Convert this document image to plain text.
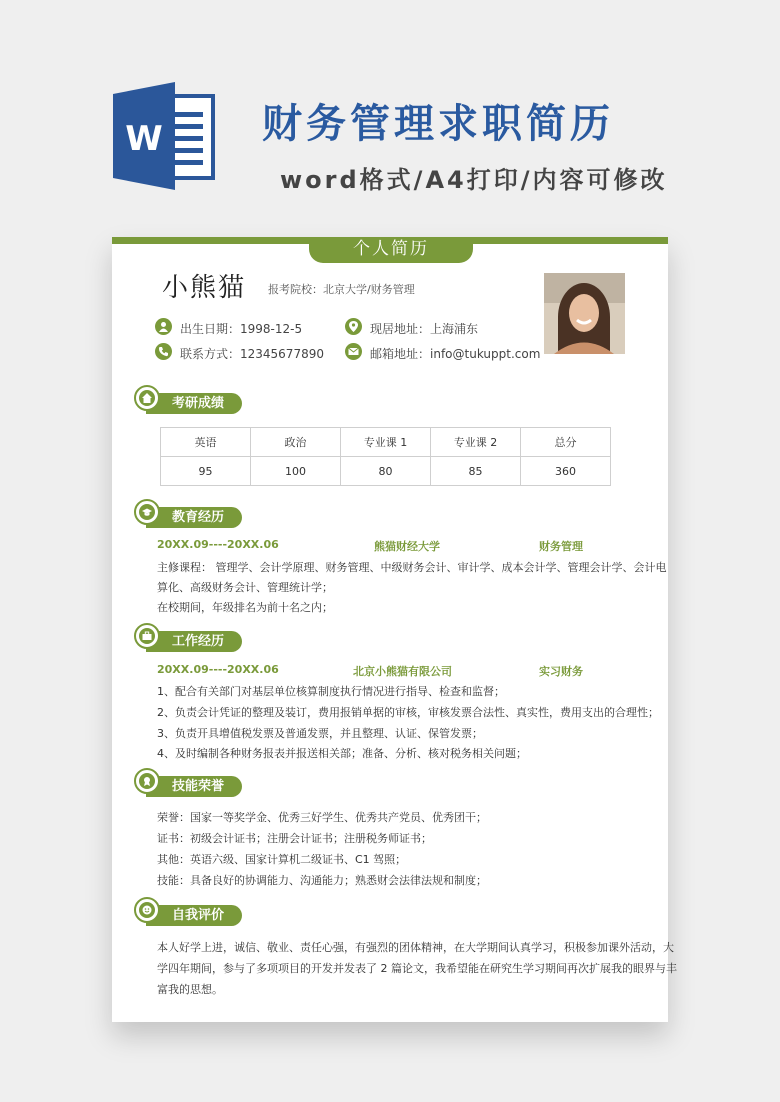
W 财务管理求职简历
word格式/A4打印/内容可修改
个人简历
小熊猫 报考院校：北京大学/财务管理
出生日期：1998-12-5	现居地址：上海浦东
联系方式：12345677890	邮箱地址：info@tukuppt.com
考研成绩
英语	政治	专业课 1	专业课 2	总分
95	100	80	85	360
教育经历
20XX.09----20XX.06	熊猫财经大学	财务管理
主修课程： 管理学、会计学原理、财务管理、中级财务会计、审计学、成本会计学、管理会计学、会计电
算化、高级财务会计、管理统计学；
在校期间，年级排名为前十名之内；
工作经历
20XX.09----20XX.06	北京小熊猫有限公司	实习财务
1、配合有关部门对基层单位核算制度执行情况进行指导、检查和监督；
2、负责会计凭证的整理及装订，费用报销单据的审核，审核发票合法性、真实性，费用支出的合理性；
3、负责开具增值税发票及普通发票，并且整理、认证、保管发票；
4、及时编制各种财务报表并报送相关部；准备、分析、核对税务相关问题；
技能荣誉
荣誉：国家一等奖学金、优秀三好学生、优秀共产党员、优秀团干；
证书：初级会计证书；注册会计证书；注册税务师证书；
其他：英语六级、国家计算机二级证书、C1 驾照；
技能：具备良好的协调能力、沟通能力；熟悉财会法律法规和制度；
自我评价
本人好学上进，诚信、敬业、责任心强，有强烈的团体精神，在大学期间认真学习，积极参加课外活动，大
学四年期间，参与了多项项目的开发并发表了 2 篇论文，我希望能在研究生学习期间再次扩展我的眼界与丰
富我的思想。
